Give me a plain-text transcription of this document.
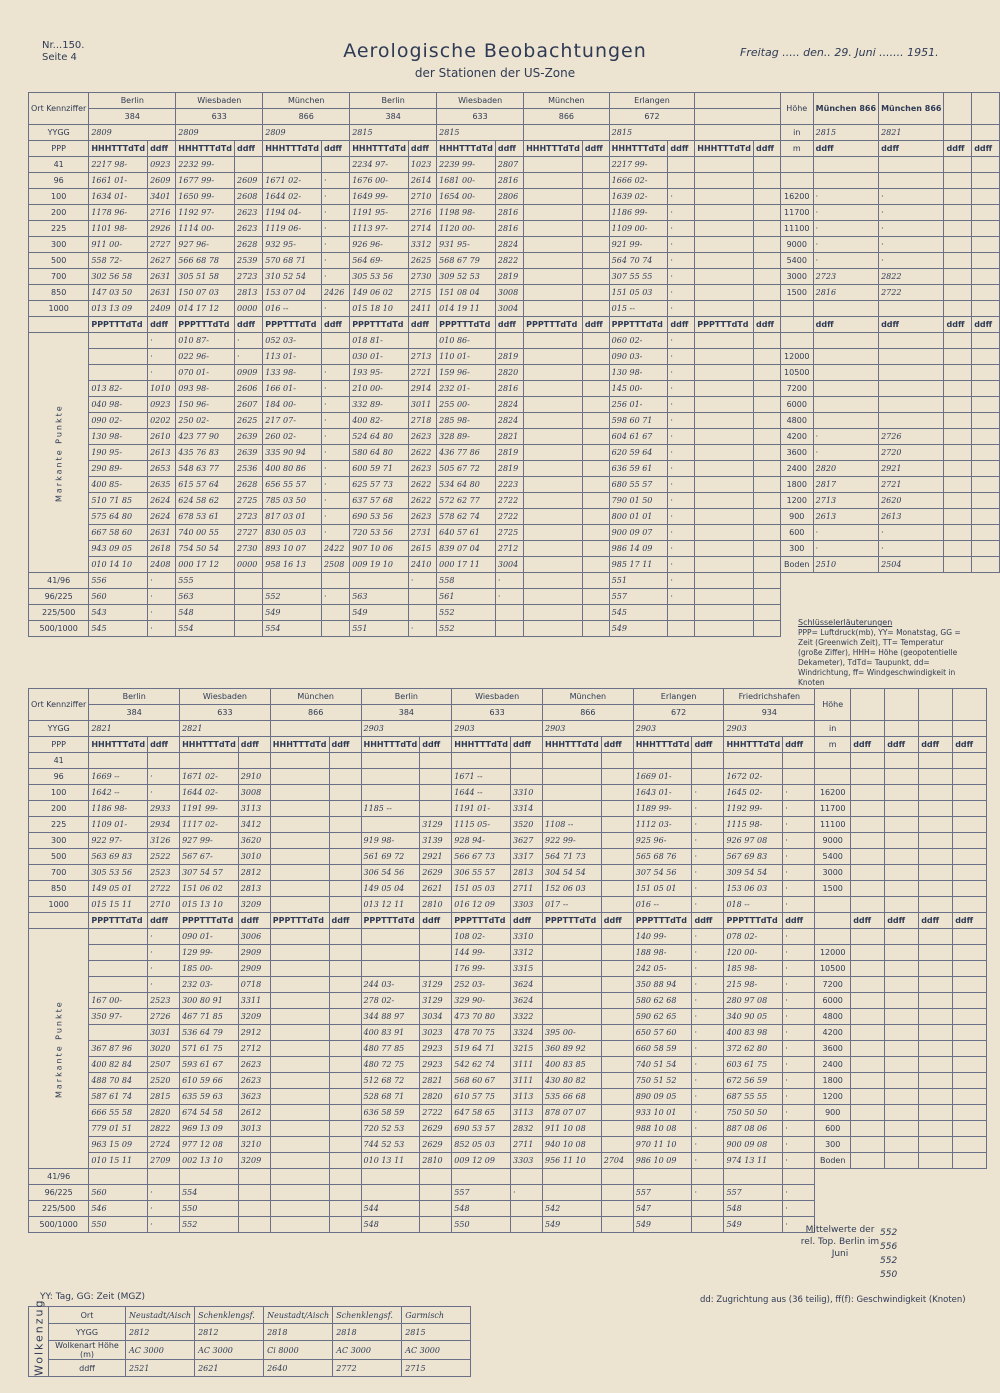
Nr...150.
Seite 4	Aerologische Beobachtungen
der Stationen der US-Zone
Freitag ..... den.. 29. Juni ....... 1951.
Ort Kennziffer	Berlin		Wiesbaden		München		Berlin		Wiesbaden		München		Erlangen				Höhe	München 866	München 866		
	384		633		866		384		633		866		672								
YYGG	2809		2809		2809		2815		2815				2815				in	2815	2821		
PPP	HHHTTTdTd	ddff	HHHTTTdTd	ddff	HHHTTTdTd	ddff	HHHTTTdTd	ddff	HHHTTTdTd	ddff	HHHTTTdTd	ddff	HHHTTTdTd	ddff	HHHTTTdTd	ddff	m	ddff	ddff	ddff	ddff
41	2217 98-	0923	2232 99-				2234 97-	1023	2239 99-	2807			2217 99-								
96	1661 01-	2609	1677 99-	2609	1671 02-	·	1676 00-	2614	1681 00-	2816			1666 02-								
100	1634 01-	3401	1650 99-	2608	1644 02-	·	1649 99-	2710	1654 00-	2806			1639 02-	·			16200	·	·		
200	1178 96-	2716	1192 97-	2623	1194 04-	·	1191 95-	2716	1198 98-	2816			1186 99-	·			11700	·	·		
225	1101 98-	2926	1114 00-	2623	1119 06-	·	1113 97-	2714	1120 00-	2816			1109 00-	·			11100	·	·		
300	911 00-	2727	927 96-	2628	932 95-	·	926 96-	3312	931 95-	2824			921 99-	·			9000	·	·		
500	558 72-	2627	566 68 78	2539	570 68 71	·	564 69-	2625	568 67 79	2822			564 70 74	·			5400	·	·		
700	302 56 58	2631	305 51 58	2723	310 52 54	·	305 53 56	2730	309 52 53	2819			307 55 55	·			3000	2723	2822		
850	147 03 50	2631	150 07 03	2813	153 07 04	2426	149 06 02	2715	151 08 04	3008			151 05 03	·			1500	2816	2722		
1000	013 13 09	2409	014 17 12	0000	016 --	·	015 18 10	2411	014 19 11	3004			015 --	·							
	PPPTTTdTd	ddff	PPPTTTdTd	ddff	PPPTTTdTd	ddff	PPPTTTdTd	ddff	PPPTTTdTd	ddff	PPPTTTdTd	ddff	PPPTTTdTd	ddff	PPPTTTdTd	ddff		ddff	ddff	ddff	ddff
Markante Punkte		·	010 87-	·	052 03-		018 81-		010 86-				060 02-	·							
		·	022 96-	·	113 01-		030 01-	2713	110 01-	2819			090 03-	·			12000				
		·	070 01-	0909	133 98-	·	193 95-	2721	159 96-	2820			130 98-	·			10500				
	013 82-	1010	093 98-	2606	166 01-	·	210 00-	2914	232 01-	2816			145 00-	·			7200				
	040 98-	0923	150 96-	2607	184 00-	·	332 89-	3011	255 00-	2824			256 01-	·			6000				
	090 02-	0202	250 02-	2625	217 07-	·	400 82-	2718	285 98-	2824			598 60 71	·			4800				
	130 98-	2610	423 77 90	2639	260 02-	·	524 64 80	2623	328 89-	2821			604 61 67	·			4200	·	2726		
	190 95-	2613	435 76 83	2639	335 90 94	·	580 64 80	2622	436 77 86	2819			620 59 64	·			3600	·	2720		
	290 89-	2653	548 63 77	2536	400 80 86	·	600 59 71	2623	505 67 72	2819			636 59 61	·			2400	2820	2921		
	400 85-	2635	615 57 64	2628	656 55 57	·	625 57 73	2622	534 64 80	2223			680 55 57	·			1800	2817	2721		
	510 71 85	2624	624 58 62	2725	785 03 50	·	637 57 68	2622	572 62 77	2722			790 01 50	·			1200	2713	2620		
	575 64 80	2624	678 53 61	2723	817 03 01	·	690 53 56	2623	578 62 74	2722			800 01 01	·			900	2613	2613		
	667 58 60	2631	740 00 55	2727	830 05 03	·	720 53 56	2731	640 57 61	2725			900 09 07	·			600	·	·		
	943 09 05	2618	754 50 54	2730	893 10 07	2422	907 10 06	2615	839 07 04	2712			986 14 09	·			300	·	·		
	010 14 10	2408	000 17 12	0000	958 16 13	2508	009 19 10	2410	000 17 11	3004			985 17 11	·			Boden	2510	2504		
41/96	556	·	555					·	558	·			551	·							
96/225	560	·	563		552	·	563		561	·			557	·							
225/500	543	·	548		549		549		552				545								
500/1000	545	·	554		554		551	·	552				549								
Ort Kennziffer	Berlin		Wiesbaden		München		Berlin		Wiesbaden		München		Erlangen		Friedrichshafen		Höhe				
	384		633		866		384		633		866		672		934						
YYGG	2821		2821				2903		2903		2903		2903		2903		in				
PPP	HHHTTTdTd	ddff	HHHTTTdTd	ddff	HHHTTTdTd	ddff	HHHTTTdTd	ddff	HHHTTTdTd	ddff	HHHTTTdTd	ddff	HHHTTTdTd	ddff	HHHTTTdTd	ddff	m	ddff	ddff	ddff	ddff
41																					
96	1669 --	·	1671 02-	2910					1671 --				1669 01-		1672 02-						
100	1642 --	·	1644 02-	3008					1644 --	3310			1643 01-	·	1645 02-	·	16200				
200	1186 98-	2933	1191 99-	3113			1185 --		1191 01-	3314			1189 99-	·	1192 99-	·	11700				
225	1109 01-	2934	1117 02-	3412				3129	1115 05-	3520	1108 --		1112 03-	·	1115 98-	·	11100				
300	922 97-	3126	927 99-	3620			919 98-	3139	928 94-	3627	922 99-		925 96-	·	926 97 08	·	9000				
500	563 69 83	2522	567 67-	3010			561 69 72	2921	566 67 73	3317	564 71 73		565 68 76	·	567 69 83	·	5400				
700	305 53 56	2523	307 54 57	2812			306 54 56	2629	306 55 57	2813	304 54 54		307 54 56	·	309 54 54	·	3000				
850	149 05 01	2722	151 06 02	2813			149 05 04	2621	151 05 03	2711	152 06 03		151 05 01	·	153 06 03	·	1500				
1000	015 15 11	2710	015 13 10	3209			013 12 11	2810	016 12 09	3303	017 --		016 --	·	018 --	·					
	PPPTTTdTd	ddff	PPPTTTdTd	ddff	PPPTTTdTd	ddff	PPPTTTdTd	ddff	PPPTTTdTd	ddff	PPPTTTdTd	ddff	PPPTTTdTd	ddff	PPPTTTdTd	ddff		ddff	ddff	ddff	ddff
Markante Punkte		·	090 01-	3006					108 02-	3310			140 99-	·	078 02-	·					
		·	129 99-	2909					144 99-	3312			188 98-	·	120 00-	·	12000				
		·	185 00-	2909					176 99-	3315			242 05-	·	185 98-	·	10500				
		·	232 03-	0718			244 03-	3129	252 03-	3624			350 88 94	·	215 98-	·	7200				
	167 00-	2523	300 80 91	3311			278 02-	3129	329 90-	3624			580 62 68	·	280 97 08	·	6000				
	350 97-	2726	467 71 85	3209			344 88 97	3034	473 70 80	3322			590 62 65	·	340 90 05	·	4800				
		3031	536 64 79	2912			400 83 91	3023	478 70 75	3324	395 00-		650 57 60	·	400 83 98	·	4200				
	367 87 96	3020	571 61 75	2712			480 77 85	2923	519 64 71	3215	360 89 92		660 58 59	·	372 62 80	·	3600				
	400 82 84	2507	593 61 67	2623			480 72 75	2923	542 62 74	3111	400 83 85		740 51 54	·	603 61 75	·	2400				
	488 70 84	2520	610 59 66	2623			512 68 72	2821	568 60 67	3111	430 80 82		750 51 52	·	672 56 59	·	1800				
	587 61 74	2815	635 59 63	3623			528 68 71	2820	610 57 75	3113	535 66 68		890 09 05	·	687 55 55	·	1200				
	666 55 58	2820	674 54 58	2612			636 58 59	2722	647 58 65	3113	878 07 07		933 10 01	·	750 50 50	·	900				
	779 01 51	2822	969 13 09	3013			720 52 53	2629	690 53 57	2832	911 10 08		988 10 08	·	887 08 06	·	600				
	963 15 09	2724	977 12 08	3210			744 52 53	2629	852 05 03	2711	940 10 08		970 11 10	·	900 09 08	·	300				
	010 15 11	2709	002 13 10	3209			010 13 11	2810	009 12 09	3303	956 11 10	2704	986 10 09	·	974 13 11	·	Boden				
41/96																					
96/225	560	·	554						557	·			557	·	557	·					
225/500	546	·	550				544		548		542		547		548	·					
500/1000	550	·	552				548		550		549		549		549	·					
Schlüsselerläuterungen
PPP= Luftdruck(mb), YY= Monatstag, GG = Zeit (Greenwich Zeit), TT= Temperatur (große Ziffer), HHH= Höhe (geopotentielle Dekameter), TdTd= Taupunkt, dd= Windrichtung, ff= Windgeschwindigkeit in Knoten
Mittelwerte der rel. Top. Berlin im Juni
552
556
552
550
YY: Tag, GG: Zeit (MGZ)	dd: Zugrichtung aus (36 teilig), ff(f): Geschwindigkeit (Knoten)
Wolkenzug	Ort	Neustadt/Aisch	Schenklengsf.	Neustadt/Aisch	Schenklengsf.	Garmisch
	YYGG	2812	2812	2818	2818	2815
	Wolkenart Höhe (m)	AC 3000	AC 3000	Ci 8000	AC 3000	AC 3000
	ddff	2521	2621	2640	2772	2715
